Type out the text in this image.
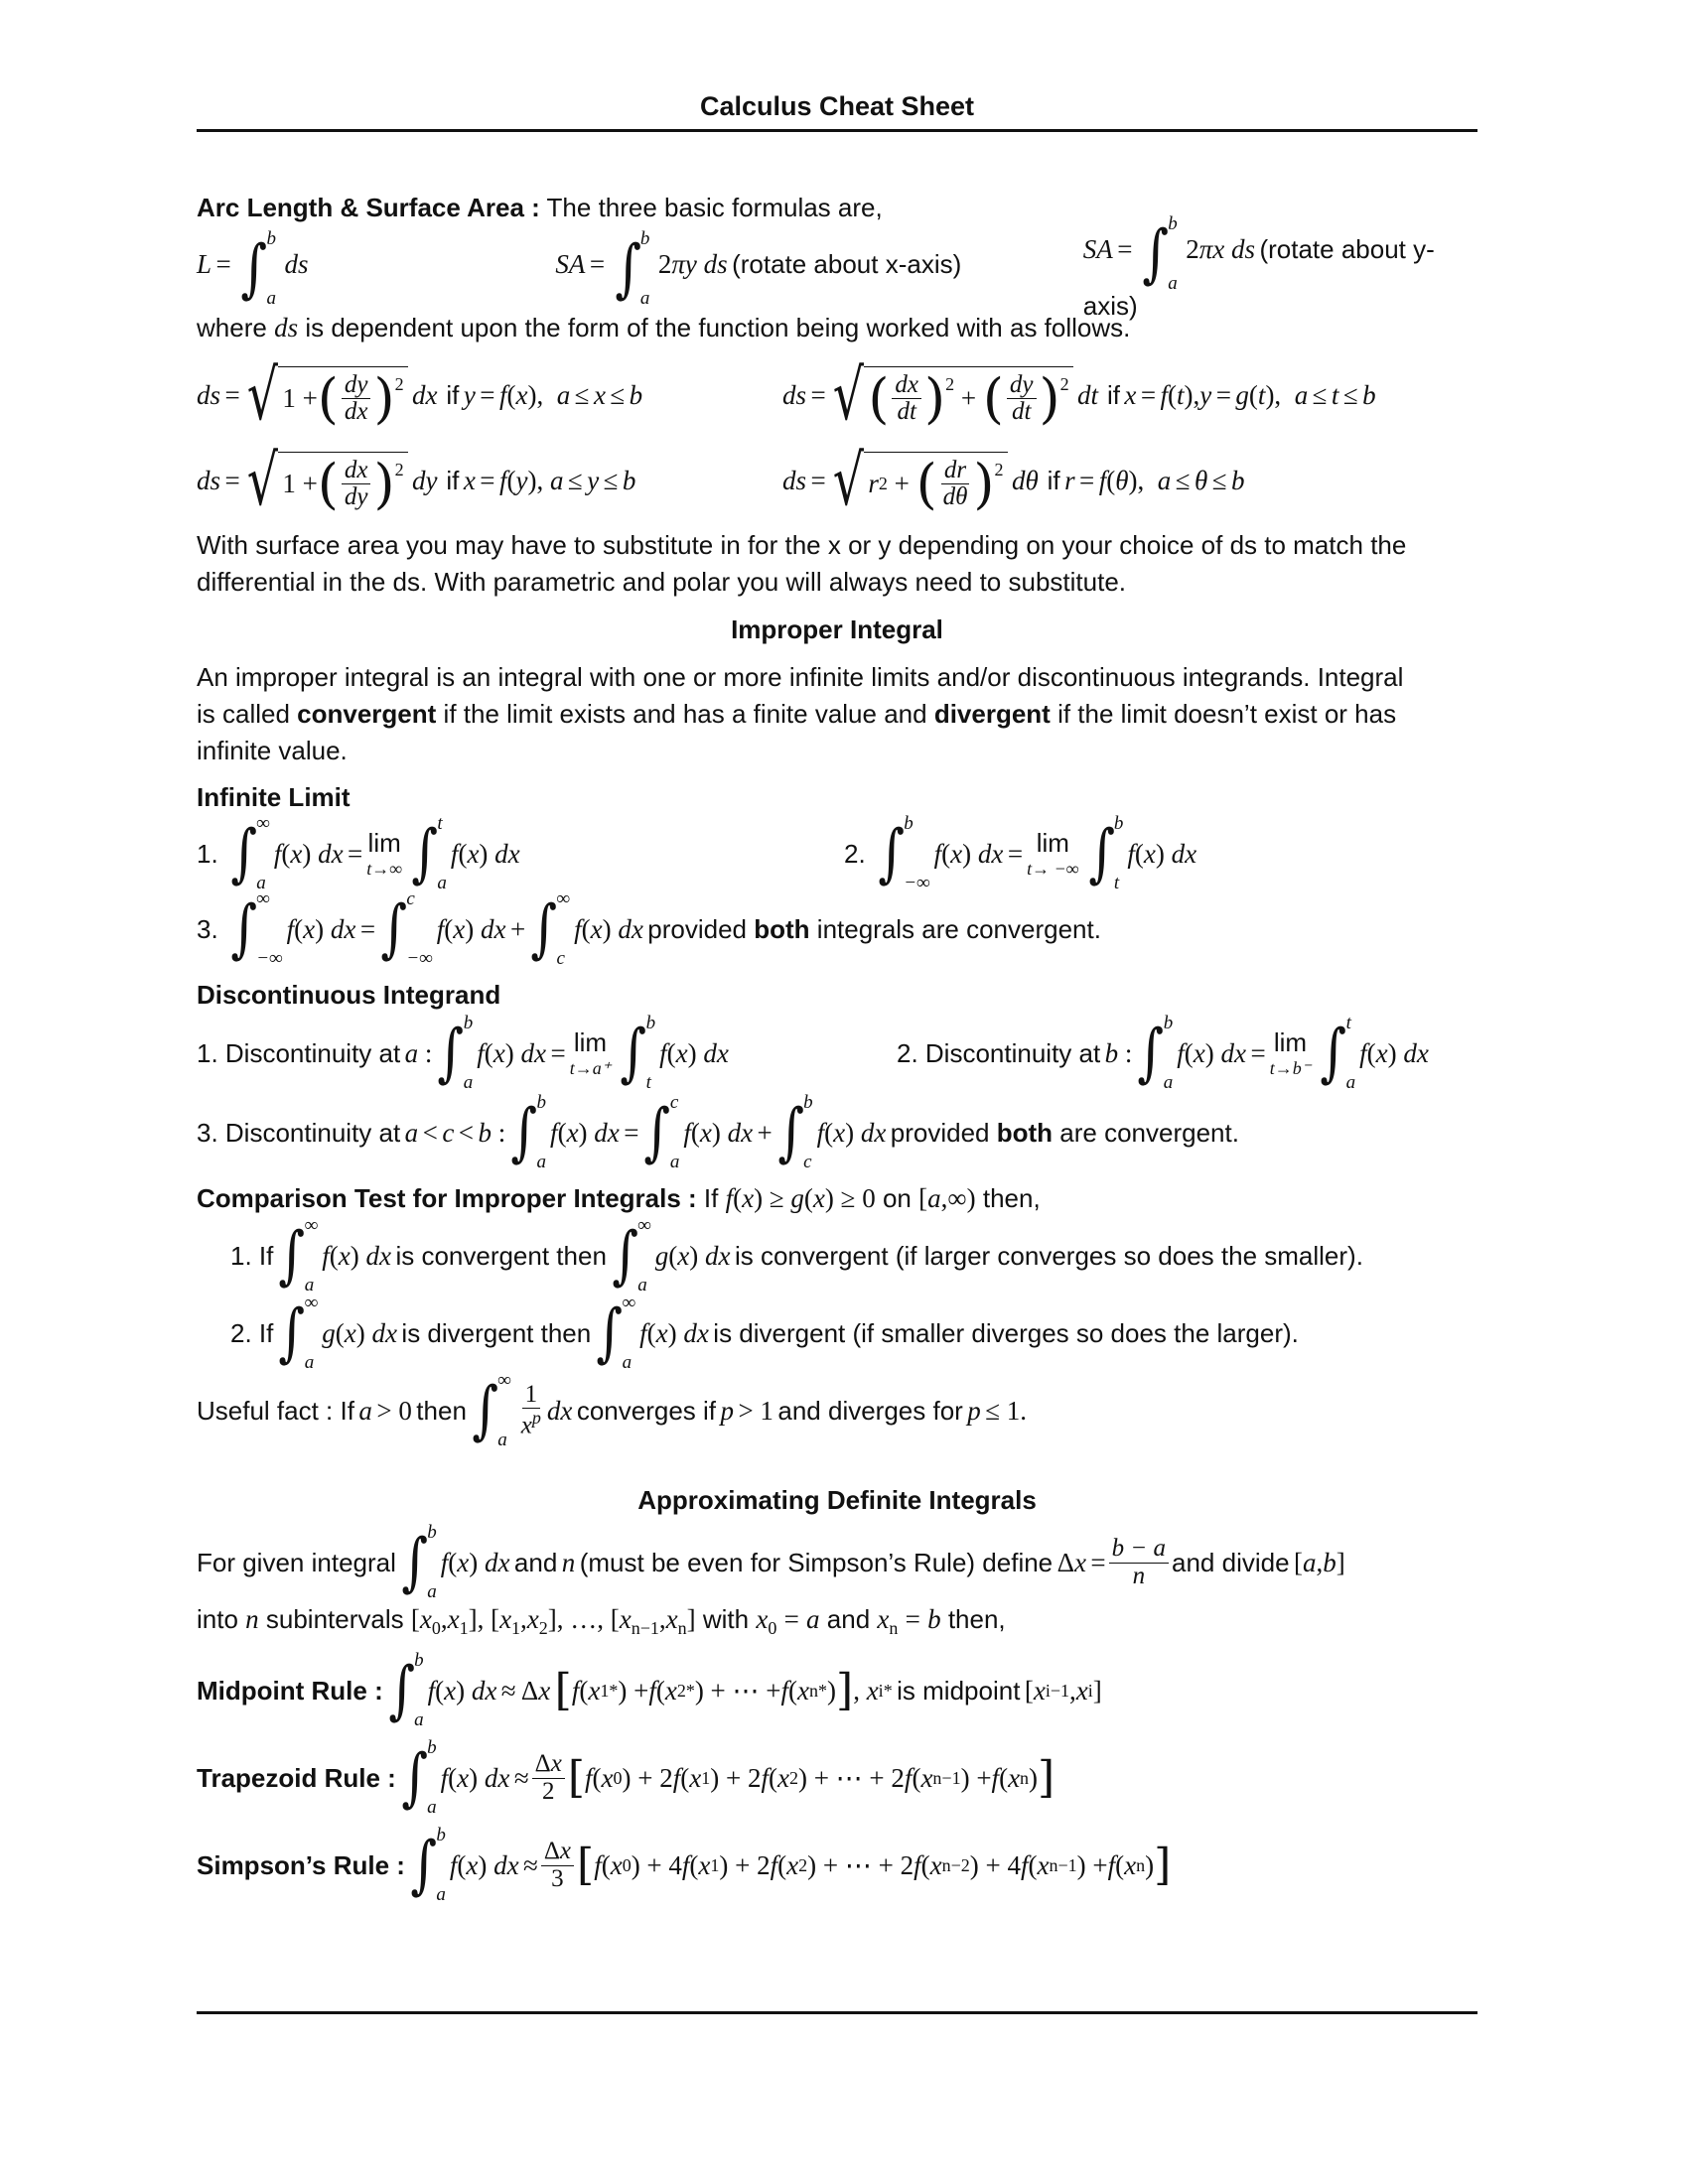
Calculus Cheat Sheet

Arc Length & Surface Area : The three basic formulas are,

L = ∫ b
a
ds	SA = ∫ b
a
2πy ds (rotate about x-axis)
SA = ∫ b
a
2πx ds (rotate about y-axis)

where ds is dependent upon the form of the function being worked with as follows.

ds
= √ 1 + ( dy
dx ) 2
dx
if
y
=
f ( x ), a
≤
x
≤
b	ds
= √ ( dx
dt ) 2 + ( dy
dt ) 2
dt
if
x
=
f ( t ), y
=
g ( t ), a
≤
t
≤
b
ds
= √ 1 + ( dx
dy ) 2
dy
if
x
=
f ( y ), a
≤
y
≤
b	ds
= √ r 2 + ( dr
dθ ) 2
dθ
if
r
=
f ( θ ), a
≤
θ
≤
b

With surface area you may have to substitute in for the x or y depending on your choice of ds to match the

differential in the ds. With parametric and polar you will always need to substitute.

Improper Integral

An improper integral is an integral with one or more infinite limits and/or discontinuous integrands. Integral

is called convergent if the limit exists and has a finite value and divergent if the limit doesn’t exist or has

infinite value.

Infinite Limit

1. ∫ ∞
a
f ( x ) dx
= lim
t→∞ ∫ t
a
f ( x ) dx	2. ∫ b
−∞
f ( x ) dx
= lim
t→ −∞ ∫ b
t
f ( x ) dx
3. ∫ ∞
−∞
f ( x ) dx
= ∫ c
−∞
f ( x ) dx
+ ∫ ∞
c
f ( x ) dx
provided both integrals are convergent.

Discontinuous Integrand

1. Discontinuity at
a : ∫ b
a
f ( x ) dx
= lim
t→a⁺ ∫ b
t
f ( x ) dx	2. Discontinuity at
b : ∫ b
a
f ( x ) dx
= lim
t→b⁻ ∫ t
a
f ( x ) dx
3. Discontinuity at
a
<
c
<
b : ∫ b
a
f ( x ) dx
= ∫ c
a
f ( x ) dx
+ ∫ b
c
f ( x ) dx
provided both are convergent.

Comparison Test for Improper Integrals : If f(x) ≥ g(x) ≥ 0 on [a,∞) then,

1. If ∫ ∞
a
f ( x ) dx
is convergent then ∫ ∞
a
g ( x ) dx
is convergent (if larger converges so does the smaller).
2. If ∫ ∞
a
g ( x ) dx
is divergent then ∫ ∞
a
f ( x ) dx
is divergent (if smaller diverges so does the larger).
Useful fact : If
a
> 0
then ∫ ∞
a
1
$x^p$ dx
converges if
p
> 1
and diverges for
p
≤ 1.

Approximating Definite Integrals

For given integral ∫ b
a
f ( x ) dx
and
n
(must be even for Simpson’s Rule) define
Δ x
= $\frac{b - a}{n}$ and divide
[ a , b ]

into n subintervals $[x_0,x_1]$, $[x_1,x_2]$, …, $[x_{n-1},x_n]$ with $x_0 = a$ and $x_n = b$ then,

Midpoint Rule : ∫ b
a
f ( x ) dx
≈ Δ x
[ f ( x 1 * ) + f ( x 2 * ) + ⋯ + f ( x n * ) ] , x i *
is midpoint
[ x i−1 , x i ]
Trapezoid Rule : ∫ b
a
f ( x ) dx
≈ $\frac{\Delta x}{2}$ [ f ( x 0 ) + 2 f ( x 1 ) + 2 f ( x 2 ) + ⋯ + 2 f ( x n−1 ) + f ( x n ) ]
Simpson’s Rule : ∫ b
a
f ( x ) dx
≈ $\frac{\Delta x}{3}$ [ f ( x 0 ) + 4 f ( x 1 ) + 2 f ( x 2 ) + ⋯ + 2 f ( x n−2 ) + 4 f ( x n−1 ) + f ( x n ) ]
